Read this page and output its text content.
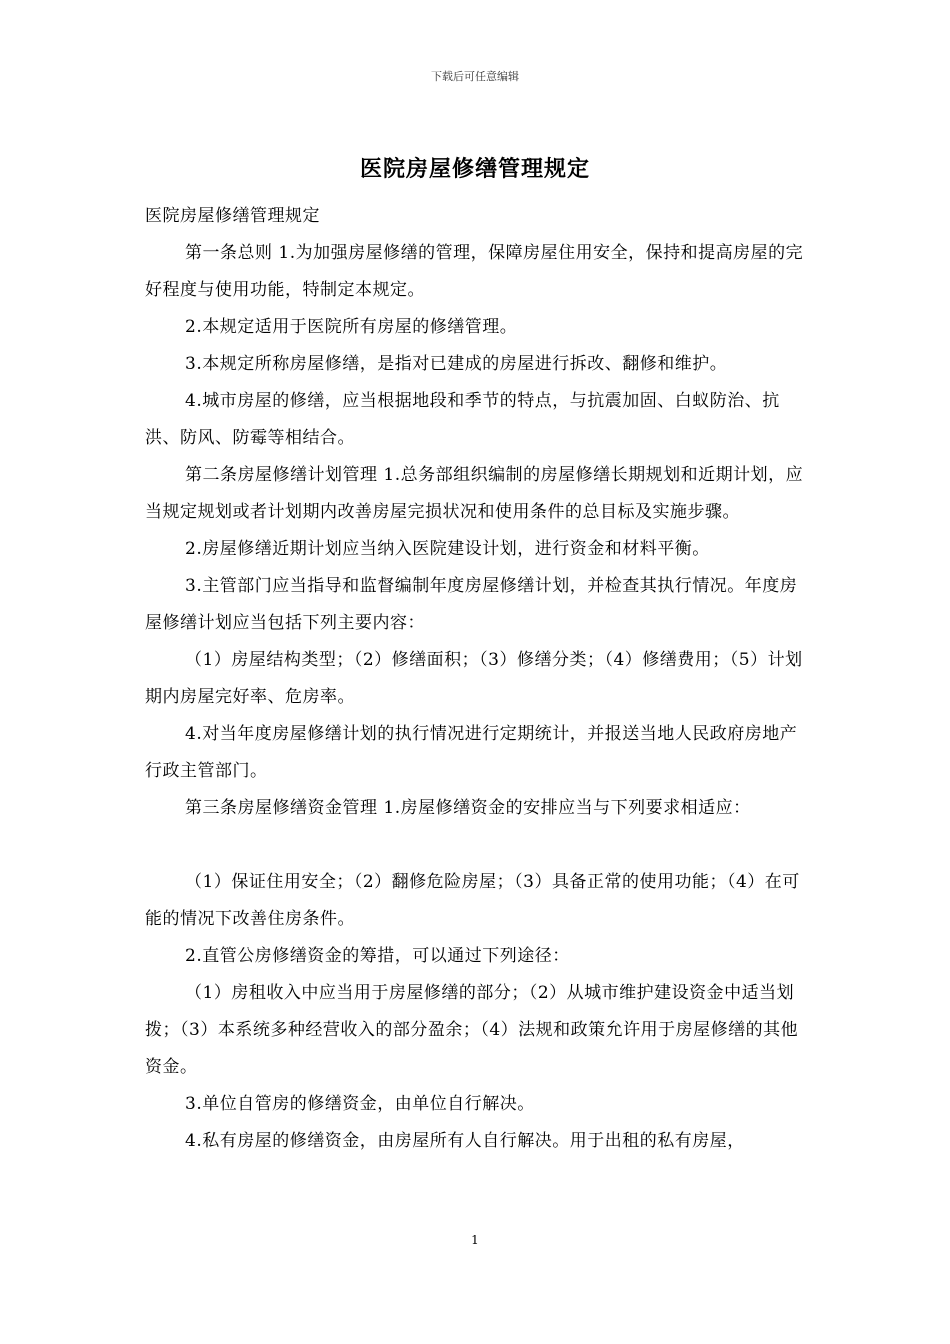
下载后可任意编辑
医院房屋修缮管理规定

医院房屋修缮管理规定

第一条总则 1.为加强房屋修缮的管理，保障房屋住用安全，保持和提高房屋的完好程度与使用功能，特制定本规定。

2.本规定适用于医院所有房屋的修缮管理。

3.本规定所称房屋修缮，是指对已建成的房屋进行拆改、翻修和维护。

4.城市房屋的修缮，应当根据地段和季节的特点，与抗震加固、白蚁防治、抗洪、防风、防霉等相结合。

第二条房屋修缮计划管理 1.总务部组织编制的房屋修缮长期规划和近期计划，应当规定规划或者计划期内改善房屋完损状况和使用条件的总目标及实施步骤。

2.房屋修缮近期计划应当纳入医院建设计划，进行资金和材料平衡。

3.主管部门应当指导和监督编制年度房屋修缮计划，并检查其执行情况。年度房屋修缮计划应当包括下列主要内容：

（1）房屋结构类型；（2）修缮面积；（3）修缮分类；（4）修缮费用；（5）计划期内房屋完好率、危房率。

4.对当年度房屋修缮计划的执行情况进行定期统计，并报送当地人民政府房地产行政主管部门。

第三条房屋修缮资金管理 1.房屋修缮资金的安排应当与下列要求相适应：

（1）保证住用安全；（2）翻修危险房屋；（3）具备正常的使用功能；（4）在可能的情况下改善住房条件。

2.直管公房修缮资金的筹措，可以通过下列途径：

（1）房租收入中应当用于房屋修缮的部分；（2）从城市维护建设资金中适当划拨；（3）本系统多种经营收入的部分盈余；（4）法规和政策允许用于房屋修缮的其他资金。

3.单位自管房的修缮资金，由单位自行解决。

4.私有房屋的修缮资金，由房屋所有人自行解决。用于出租的私有房屋，

1
